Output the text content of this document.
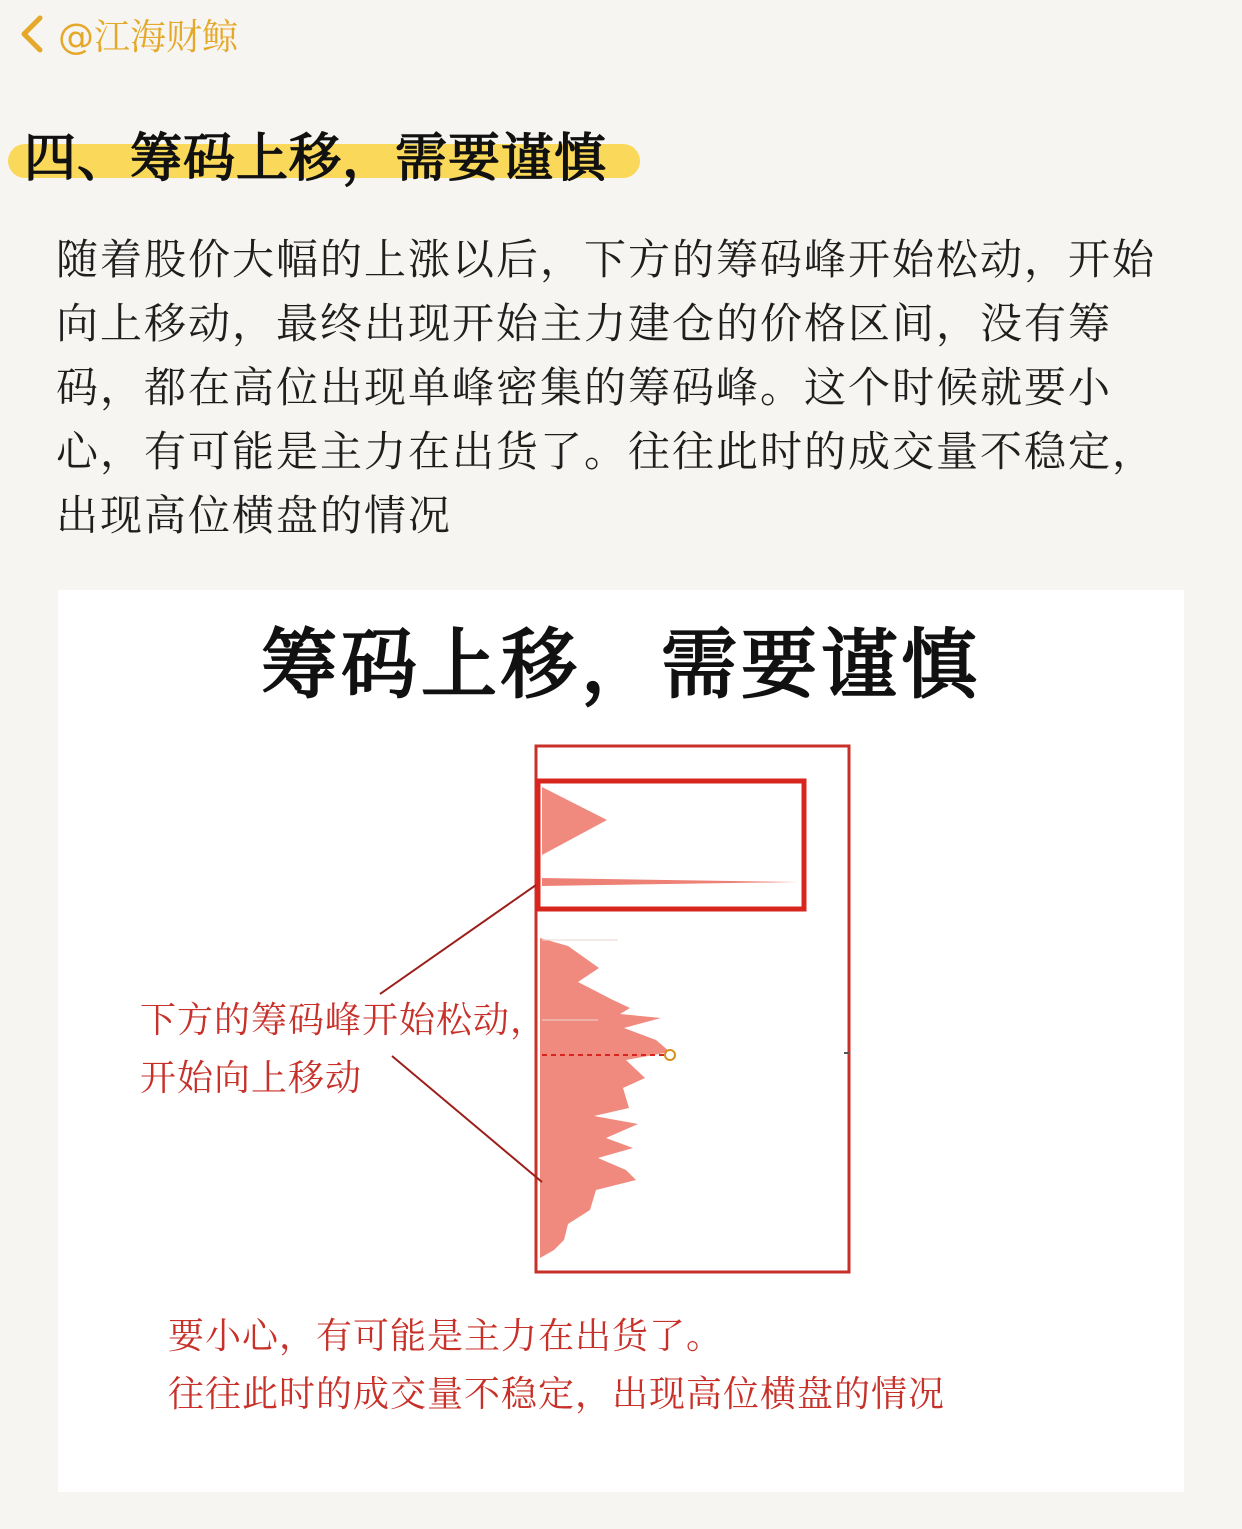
@江海财鲸
四、筹码上移，需要谨慎

随着股价大幅的上涨以后，下方的筹码峰开始松动，开始
向上移动，最终出现开始主力建仓的价格区间，没有筹
码，都在高位出现单峰密集的筹码峰。这个时候就要小
心，有可能是主力在出货了。往往此时的成交量不稳定，
出现高位横盘的情况

筹码上移，需要谨慎
下方的筹码峰开始松动，
开始向上移动
要小心，有可能是主力在出货了。
往往此时的成交量不稳定，出现高位横盘的情况
